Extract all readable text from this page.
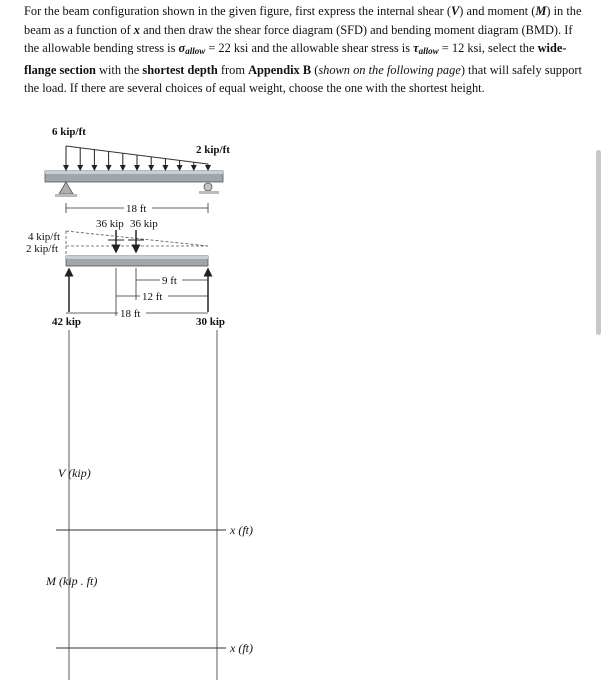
For the beam configuration shown in the given figure, first express the internal shear (V) and moment (M) in the beam as a function of x and then draw the shear force diagram (SFD) and bending moment diagram (BMD). If the allowable bending stress is $\sigma_{allow} = 22$ ksi and the allowable shear stress is $\tau_{allow} = 12$ ksi, select the wide-flange section with the shortest depth from Appendix B (shown on the following page) that will safely support the load. If there are several choices of equal weight, choose the one with the shortest height.

6 kip/ft
2 kip/ft
18 ft
36 kip 36 kip
4 kip/ft
2 kip/ft
42 kip	30 kip
9 ft
12 ft
18 ft
V (kip)
x (ft)
M (kip . ft)
x (ft)
